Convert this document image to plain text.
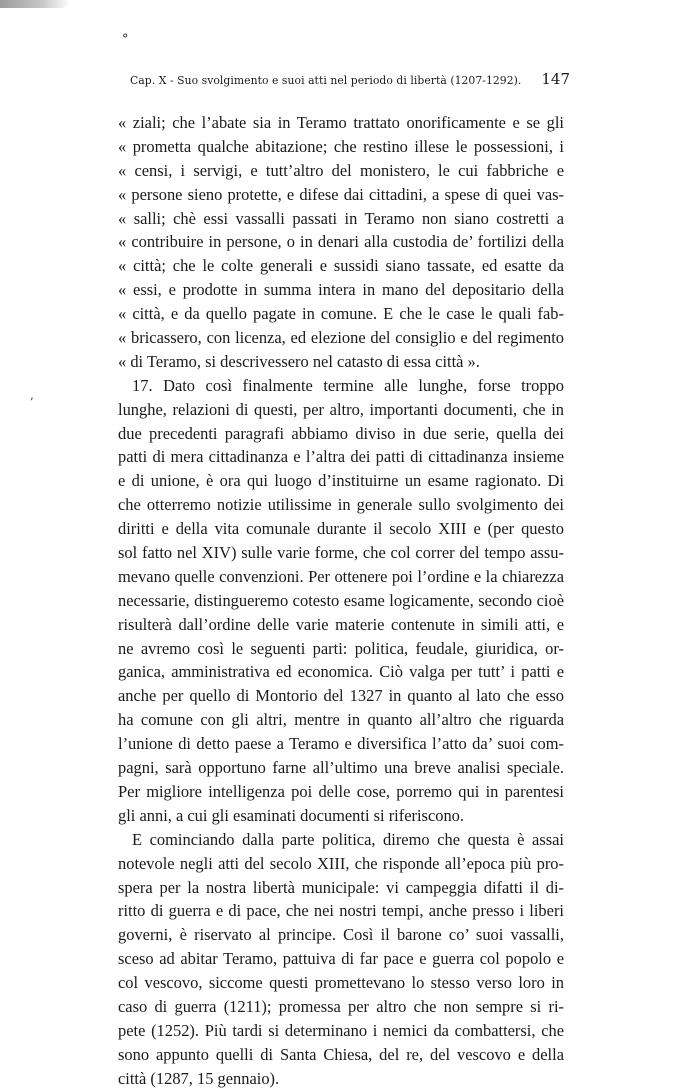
°
,
Cap. X - Suo svolgimento e suoi atti nel periodo di libertà (1207-1292). 147
« ziali; che l’abate sia in Teramo trattato onorificamente e se gli
« prometta qualche abitazione; che restino illese le possessioni, i
« censi, i servigi, e tutt’altro del monistero, le cui fabbriche e
« persone sieno protette, e difese dai cittadini, a spese di quei vas-
« salli; chè essi vassalli passati in Teramo non siano costretti a
« contribuire in persone, o in denari alla custodia de’ fortilizi della
« città; che le colte generali e sussidi siano tassate, ed esatte da
« essi, e prodotte in summa intera in mano del depositario della
« città, e da quello pagate in comune. E che le case le quali fab-
« bricassero, con licenza, ed elezione del consiglio e del regimento
« di Teramo, si descrivessero nel catasto di essa città ».
17. Dato così finalmente termine alle lunghe, forse troppo
lunghe, relazioni di questi, per altro, importanti documenti, che in
due precedenti paragrafi abbiamo diviso in due serie, quella dei
patti di mera cittadinanza e l’altra dei patti di cittadinanza insieme
e di unione, è ora qui luogo d’instituirne un esame ragionato. Di
che otterremo notizie utilissime in generale sullo svolgimento dei
diritti e della vita comunale durante il secolo XIII e (per questo
sol fatto nel XIV) sulle varie forme, che col correr del tempo assu-
mevano quelle convenzioni. Per ottenere poi l’ordine e la chiarezza
necessarie, distingueremo cotesto esame logicamente, secondo cioè
risulterà dall’ordine delle varie materie contenute in simili atti, e
ne avremo così le seguenti parti: politica, feudale, giuridica, or-
ganica, amministrativa ed economica. Ciò valga per tutt’ i patti e
anche per quello di Montorio del 1327 in quanto al lato che esso
ha comune con gli altri, mentre in quanto all’altro che riguarda
l’unione di detto paese a Teramo e diversifica l’atto da’ suoi com-
pagni, sarà opportuno farne all’ultimo una breve analisi speciale.
Per migliore intelligenza poi delle cose, porremo qui in parentesi
gli anni, a cui gli esaminati documenti si riferiscono.
E cominciando dalla parte politica, diremo che questa è assai
notevole negli atti del secolo XIII, che risponde all’epoca più pro-
spera per la nostra libertà municipale: vi campeggia difatti il di-
ritto di guerra e di pace, che nei nostri tempi, anche presso i liberi
governi, è riservato al principe. Così il barone co’ suoi vassalli,
sceso ad abitar Teramo, pattuiva di far pace e guerra col popolo e
col vescovo, siccome questi promettevano lo stesso verso loro in
caso di guerra (1211); promessa per altro che non sempre si ri-
pete (1252). Più tardi si determinano i nemici da combattersi, che
sono appunto quelli di Santa Chiesa, del re, del vescovo e della
città (1287, 15 gennaio).
